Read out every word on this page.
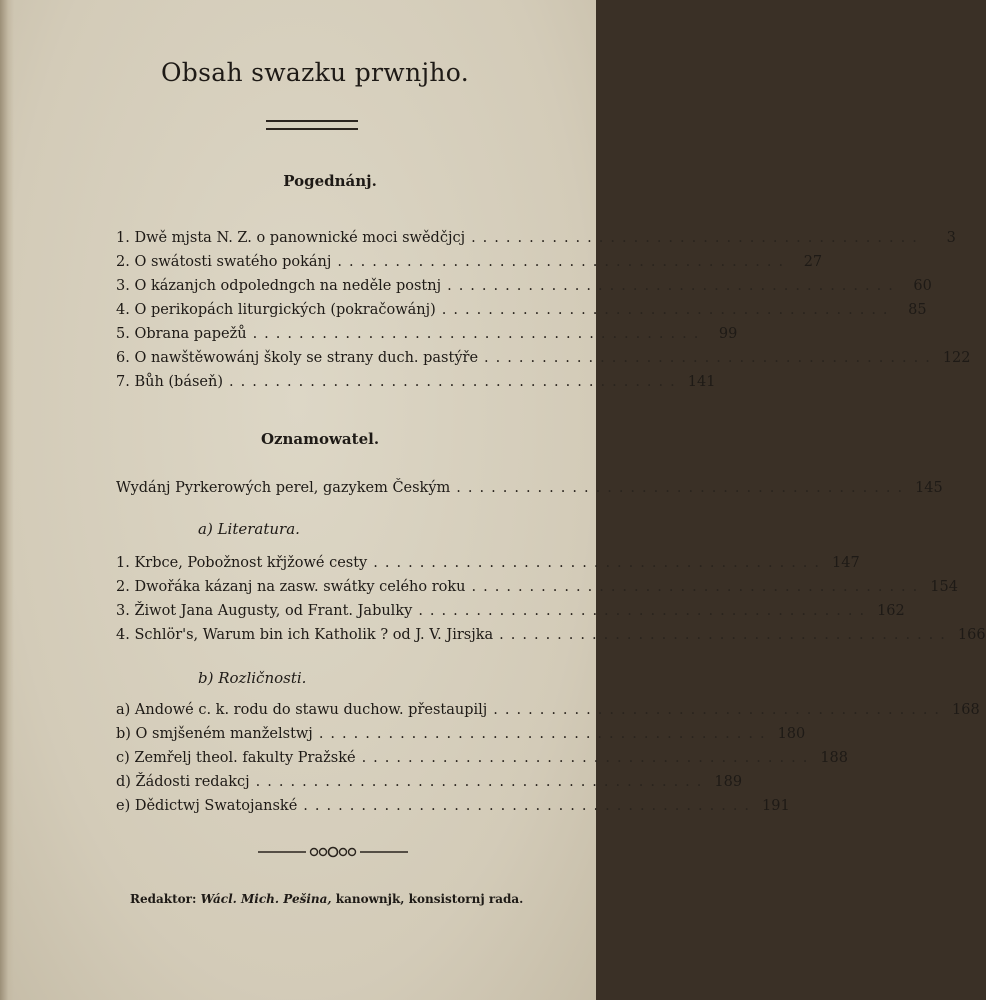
Obsah swazku prwnjho.
Pogednánj.
1. Dwě mjsta N. Z. o panownické moci swědčjcj .......................................	3
2. O swátosti swatého pokánj ....................................... 27
3. O kázanjch odpoledngch na neděle postnj ....................................... 60
4. O perikopách liturgických (pokračowánj) ....................................... 85
5. Obrana papežů ....................................... 99
6. O nawštěwowánj školy se strany duch. pastýře ....................................... 122
7. Bůh (báseň) ....................................... 141
Oznamowatel.
Wydánj Pyrkerowých perel, gazykem Českým ....................................... 145
a) Literatura.
1. Krbce, Pobožnost křjžowé cesty ....................................... 147
2. Dwořáka kázanj na zasw. swátky celého roku ....................................... 154
3. Žiwot Jana Augusty, od Frant. Jabulky ....................................... 162
4. Schlör's, Warum bin ich Katholik ? od J. V. Jirsjka ....................................... 166
b) Rozličnosti.
a) Andowé c. k. rodu do stawu duchow. přestaupilj ....................................... 168
b) O smjšeném manželstwj ....................................... 180
c) Zemřelj theol. fakulty Pražské ....................................... 188
d) Žádosti redakcj ....................................... 189
e) Dědictwj Swatojanské ....................................... 191
Redaktor: Wácl. Mich. Pešina, kanownjk, konsistornj rada.
